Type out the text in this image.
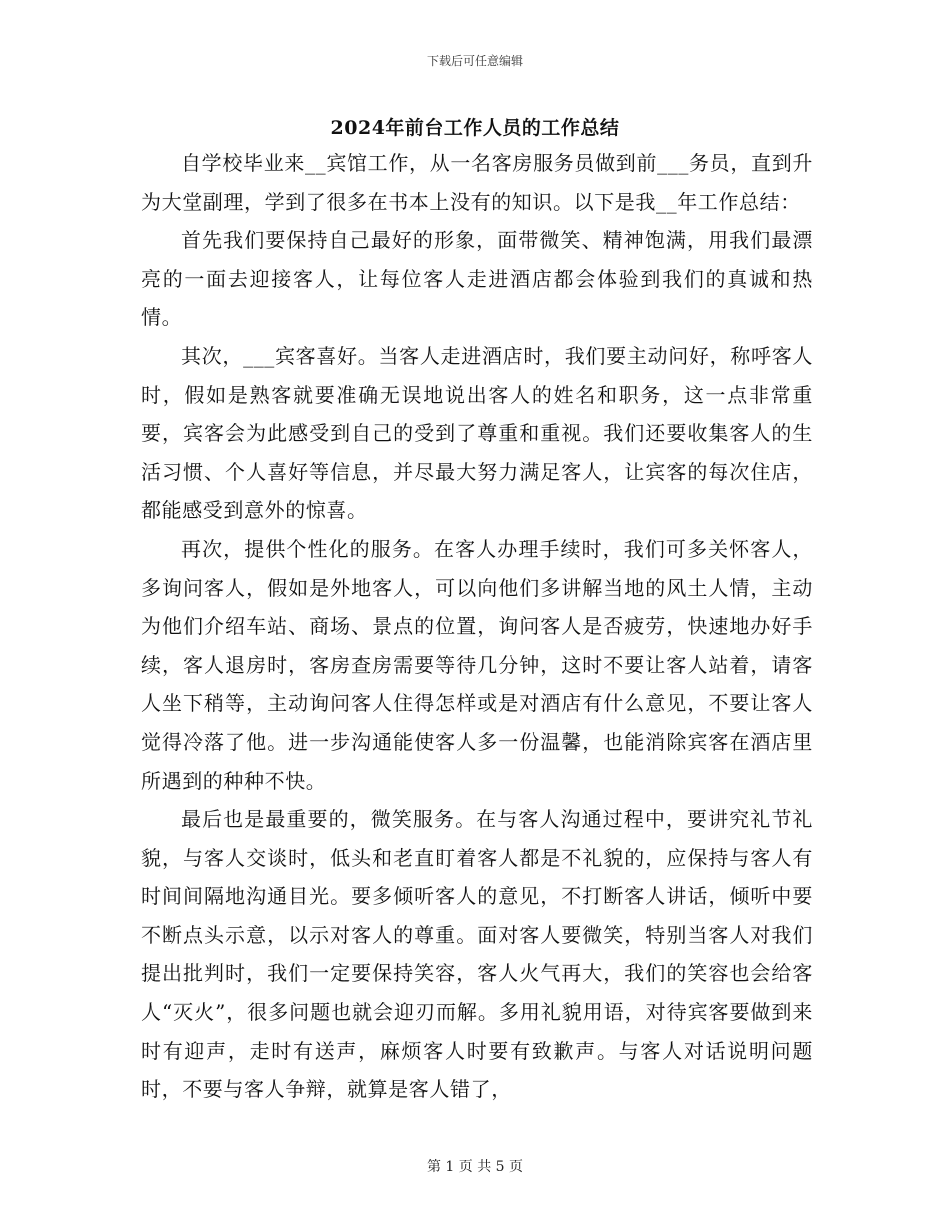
下载后可任意编辑
2024年前台工作人员的工作总结

自学校毕业来__宾馆工作，从一名客房服务员做到前___务员，直到升为大堂副理，学到了很多在书本上没有的知识。以下是我__年工作总结：

首先我们要保持自己最好的形象，面带微笑、精神饱满，用我们最漂亮的一面去迎接客人，让每位客人走进酒店都会体验到我们的真诚和热情。

其次，___宾客喜好。当客人走进酒店时，我们要主动问好，称呼客人时，假如是熟客就要准确无误地说出客人的姓名和职务，这一点非常重要，宾客会为此感受到自己的受到了尊重和重视。我们还要收集客人的生活习惯、个人喜好等信息，并尽最大努力满足客人，让宾客的每次住店，都能感受到意外的惊喜。

再次，提供个性化的服务。在客人办理手续时，我们可多关怀客人，多询问客人，假如是外地客人，可以向他们多讲解当地的风土人情，主动为他们介绍车站、商场、景点的位置，询问客人是否疲劳，快速地办好手续，客人退房时，客房查房需要等待几分钟，这时不要让客人站着，请客人坐下稍等，主动询问客人住得怎样或是对酒店有什么意见，不要让客人觉得冷落了他。进一步沟通能使客人多一份温馨，也能消除宾客在酒店里所遇到的种种不快。

最后也是最重要的，微笑服务。在与客人沟通过程中，要讲究礼节礼貌，与客人交谈时，低头和老直盯着客人都是不礼貌的，应保持与客人有时间间隔地沟通目光。要多倾听客人的意见，不打断客人讲话，倾听中要不断点头示意，以示对客人的尊重。面对客人要微笑，特别当客人对我们提出批判时，我们一定要保持笑容，客人火气再大，我们的笑容也会给客人“灭火”，很多问题也就会迎刃而解。多用礼貌用语，对待宾客要做到来时有迎声，走时有送声，麻烦客人时要有致歉声。与客人对话说明问题时，不要与客人争辩，就算是客人错了，

第 1 页 共 5 页
